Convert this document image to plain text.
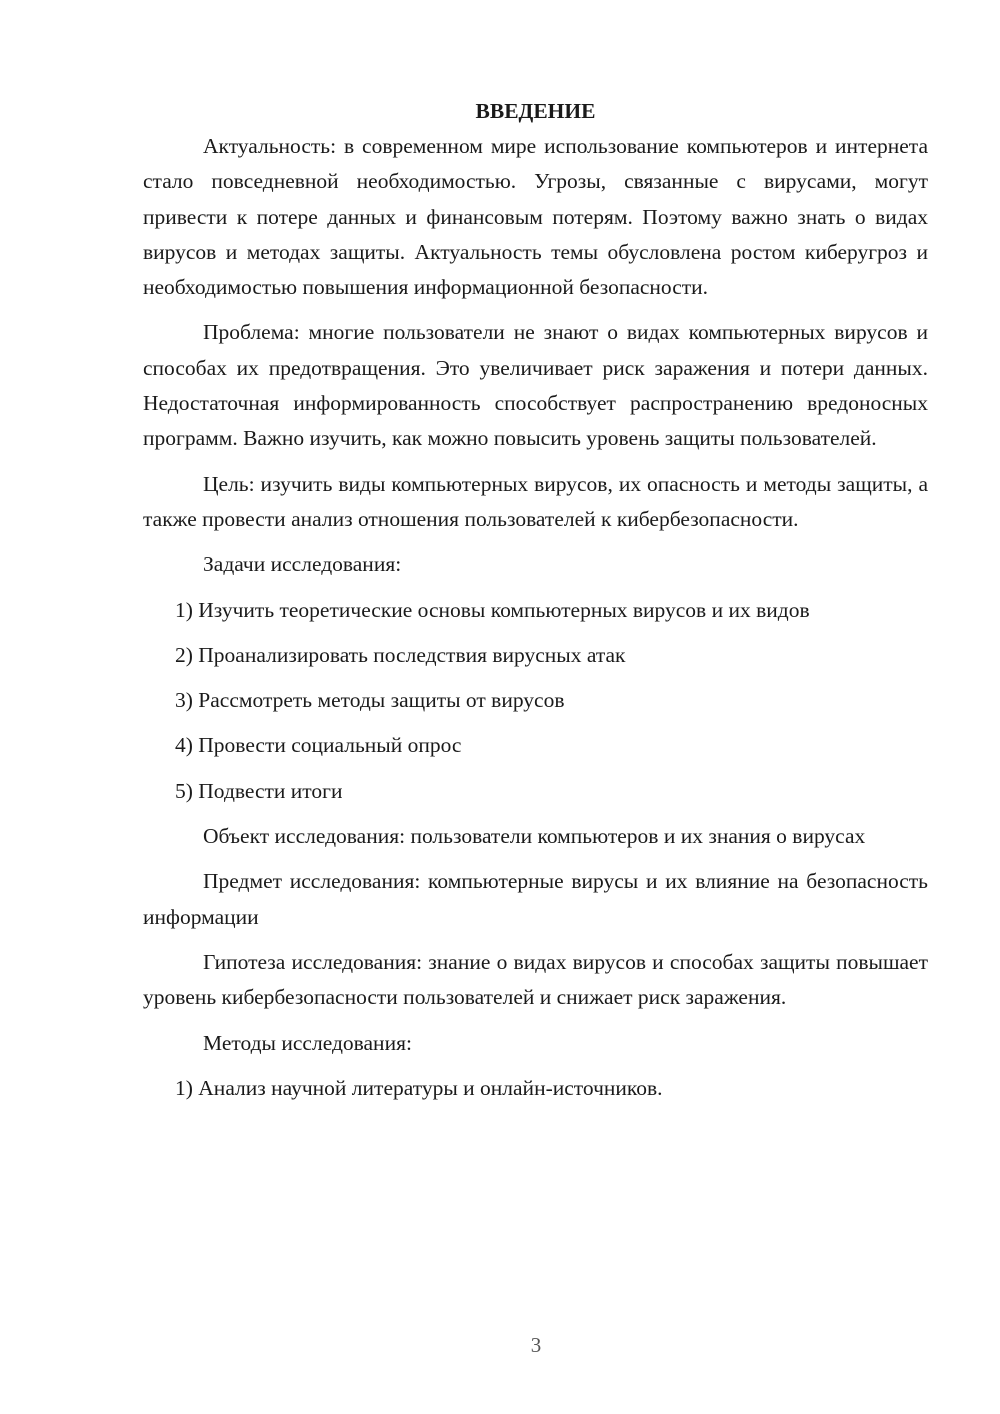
ВВЕДЕНИЕ

Актуальность: в современном мире использование компьютеров и интернета стало повседневной необходимостью. Угрозы, связанные с вирусами, могут привести к потере данных и финансовым потерям. Поэтому важно знать о видах вирусов и методах защиты. Актуальность темы обусловлена ростом киберугроз и необходимостью повышения информационной безопасности.

Проблема: многие пользователи не знают о видах компьютерных вирусов и способах их предотвращения. Это увеличивает риск заражения и потери данных. Недостаточная информированность способствует распространению вредоносных программ. Важно изучить, как можно повысить уровень защиты пользователей.

Цель: изучить виды компьютерных вирусов, их опасность и методы защиты, а также провести анализ отношения пользователей к кибербезопасности.

Задачи исследования:

1) Изучить теоретические основы компьютерных вирусов и их видов

2) Проанализировать последствия вирусных атак

3) Рассмотреть методы защиты от вирусов

4) Провести социальный опрос

5) Подвести итоги

Объект исследования: пользователи компьютеров и их знания о вирусах

Предмет исследования: компьютерные вирусы и их влияние на безопасность информации

Гипотеза исследования: знание о видах вирусов и способах защиты повышает уровень кибербезопасности пользователей и снижает риск заражения.

Методы исследования:

1) Анализ научной литературы и онлайн-источников.

3
